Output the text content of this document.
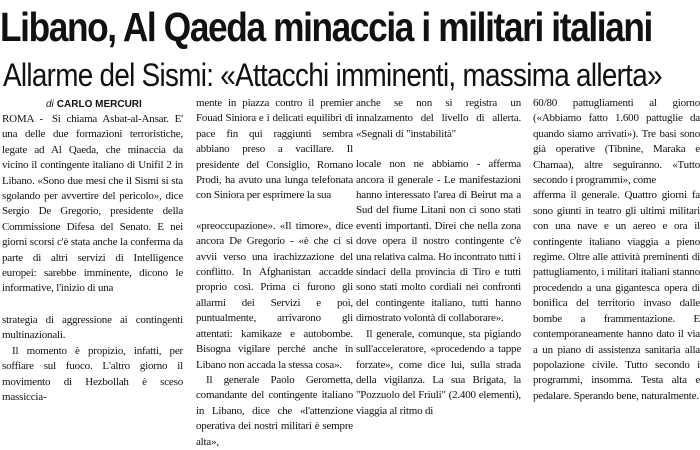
Libano, Al Qaeda minaccia i militari italiani
Allarme del Sismi: «Attacchi imminenti, massima allerta»
di CARLO MERCURI

ROMA - Si chiama Asbat-al-Ansar. E' una delle due formazioni terroristiche, legate ad Al Qaeda, che minaccia da vicino il contingente italiano di Unifil 2 in Libano. «Sono due mesi che il Sismi si sta sgolando per avvertire del pericolo», dice Sergio De Gregorio, presidente della Commissione Difesa del Senato. E nei giorni scorsi c'è stata anche la conferma da parte di altri servizi di Intelligence europei: sarebbe imminente, dicono le informative, l'inizio di una

strategia di aggressione ai contingenti multinazionali.

Il momento è propizio, infatti, per soffiare sul fuoco. L'altro giorno il movimento di Hezbollah è sceso massiccia-

mente in piazza contro il premier Fouad Siniora e i delicati equilibri di pace fin qui raggiunti sembra abbiano preso a vacillare. Il presidente del Consiglio, Romano Prodi, ha avuto una lunga telefonata con Siniora per esprimere la sua

«preoccupazione». «Il timore», dice ancora De Gregorio - «è che ci si avvii verso una irachizzazione del conflitto. In Afghanistan accadde proprio così. Prima ci furono gli allarmi dei Servizi e poi, puntualmente, arrivarono gli attentati: kamikaze e autobombe. Bisogna vigilare perché anche in Libano non accada la stessa cosa».

Il generale Paolo Gerometta, comandante del contingente italiano in Libano, dice che «l'attenzione operativa dei nostri militari è sempre alta»,

anche se non si registra un innalzamento del livello di allerta. «Segnali di "instabilità"

locale non ne abbiamo - afferma ancora il generale - Le manifestazioni hanno interessato l'area di Beirut ma a Sud del fiume Litani non ci sono stati eventi importanti. Direi che nella zona dove opera il nostro contingente c'è una relativa calma. Ho incontrato tutti i sindaci della provincia di Tiro e tutti sono stati molto cordiali nei confronti del contingente italiano, tutti hanno dimostrato volontà di collaborare».

Il generale, comunque, sta pigiando sull'acceleratore, «procedendo a tappe forzate», come dice lui, sulla strada della vigilanza. La sua Brigata, la "Pozzuolo del Friuli" (2.400 elementi), viaggia al ritmo di

60/80 pattugliamenti al giorno («Abbiamo fatto 1.600 pattuglie da quando siamo arrivati»). Tre basi sono già operative (Tibnine, Maraka e Chamaa), altre seguiranno. «Tutto secondo i programmi», come

afferma il generale. Quattro giorni fa sono giunti in teatro gli ultimi militari con una nave e un aereo e ora il contingente italiano viaggia a pieno regime. Oltre alle attività preminenti di pattugliamento, i militari italiani stanno procedendo a una gigantesca opera di bonifica del territorio invaso dalle bombe a frammentazione. E contemporaneamente hanno dato il via a un piano di assistenza sanitaria alla popolazione civile. Tutto secondo i programmi, insomma. Testa alta e pedalare. Sperando bene, naturalmente.
